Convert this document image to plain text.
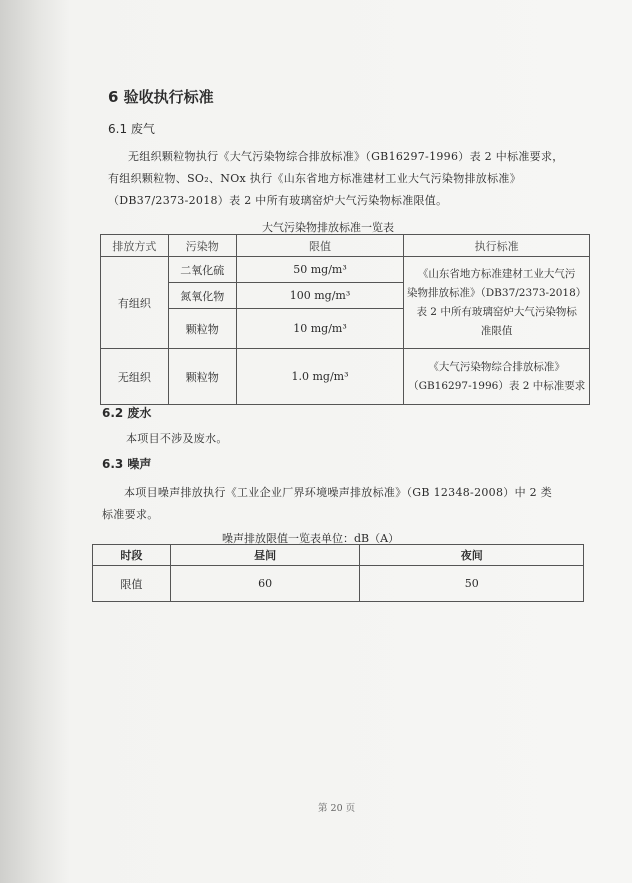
6 验收执行标准
6.1 废气
无组织颗粒物执行《大气污染物综合排放标准》（GB16297-1996）表 2 中标准要求，
有组织颗粒物、SO₂、NOx 执行《山东省地方标准建材工业大气污染物排放标准》
（DB37/2373-2018）表 2 中所有玻璃窑炉大气污染物标准限值。
大气污染物排放标准一览表
排放方式	污染物	限值	执行标准
有组织	二氧化硫	50 mg/m³	《山东省地方标准建材工业大气污
染物排放标准》（DB37/2373-2018）
表 2 中所有玻璃窑炉大气污染物标
准限值

	氮氧化物	100 mg/m³	
	颗粒物	10 mg/m³	
无组织	颗粒物	1.0 mg/m³	《大气污染物综合排放标准》
（GB16297-1996）表 2 中标准要求
6.2 废水
本项目不涉及废水。
6.3 噪声
本项目噪声排放执行《工业企业厂界环境噪声排放标准》（GB 12348-2008）中 2 类
标准要求。
噪声排放限值一览表单位：dB（A）
时段	昼间	夜间
限值	60	50
第 20 页
